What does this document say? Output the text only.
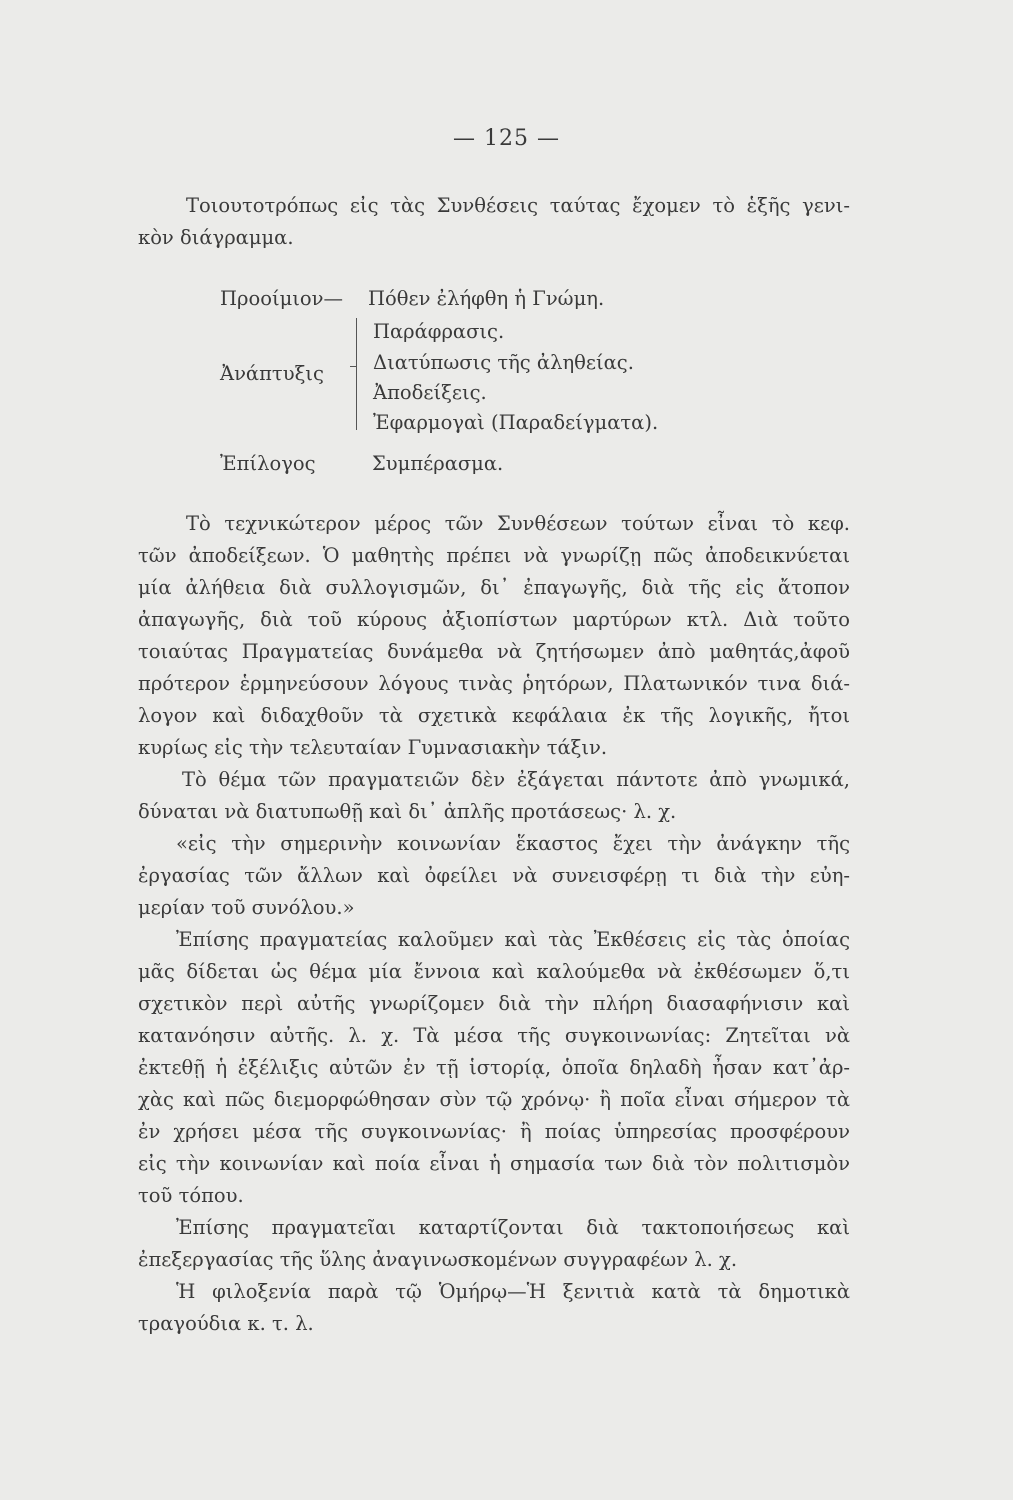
— 125 —
Τοιουτοτρόπως εἰς τὰς Συνθέσεις ταύτας ἔχομεν τὸ ἑξῆς γενι-
κὸν διάγραμμα.
Προοίμιον— Πόθεν ἐλήφθη ἡ Γνώμη.
Παράφρασις.
Διατύπωσις τῆς ἀληθείας.
Ἀνάπτυξις
Ἀποδείξεις.
Ἐφαρμογαὶ (Παραδείγματα).
Ἐπίλογος	Συμπέρασμα.
Τὸ τεχνικώτερον μέρος τῶν Συνθέσεων τούτων εἶναι τὸ κεφ.
τῶν ἀποδείξεων. Ὁ μαθητὴς πρέπει νὰ γνωρίζῃ πῶς ἀποδεικνύεται
μία ἀλήθεια διὰ συλλογισμῶν, δι᾿ ἐπαγωγῆς, διὰ τῆς εἰς ἄτοπον
ἀπαγωγῆς, διὰ τοῦ κύρους ἀξιοπίστων μαρτύρων κτλ. Διὰ τοῦτο
τοιαύτας Πραγματείας δυνάμεθα νὰ ζητήσωμεν ἀπὸ μαθητάς,ἀφοῦ
πρότερον ἑρμηνεύσουν λόγους τινὰς ῥητόρων, Πλατωνικόν τινα διά-
λογον καὶ διδαχθοῦν τὰ σχετικὰ κεφάλαια ἐκ τῆς λογικῆς, ἤτοι
κυρίως εἰς τὴν τελευταίαν Γυμνασιακὴν τάξιν.
Τὸ θέμα τῶν πραγματειῶν δὲν ἐξάγεται πάντοτε ἀπὸ γνωμικά,
δύναται νὰ διατυπωθῇ καὶ δι᾿ ἁπλῆς προτάσεως· λ. χ.
«εἰς τὴν σημερινὴν κοινωνίαν ἕκαστος ἔχει τὴν ἀνάγκην τῆς
ἐργασίας τῶν ἄλλων καὶ ὀφείλει νὰ συνεισφέρῃ τι διὰ τὴν εὐη-
μερίαν τοῦ συνόλου.»
Ἐπίσης πραγματείας καλοῦμεν καὶ τὰς Ἐκθέσεις εἰς τὰς ὁποίας
μᾶς δίδεται ὡς θέμα μία ἔννοια καὶ καλούμεθα νὰ ἐκθέσωμεν ὅ,τι
σχετικὸν περὶ αὐτῆς γνωρίζομεν διὰ τὴν πλήρη διασαφήνισιν καὶ
κατανόησιν αὐτῆς. λ. χ. Τὰ μέσα τῆς συγκοινωνίας: Ζητεῖται νὰ
ἐκτεθῇ ἡ ἐξέλιξις αὐτῶν ἐν τῇ ἱστορίᾳ, ὁποῖα δηλαδὴ ἦσαν κατ᾿ἀρ-
χὰς καὶ πῶς διεμορφώθησαν σὺν τῷ χρόνῳ· ἢ ποῖα εἶναι σήμερον τὰ
ἐν χρήσει μέσα τῆς συγκοινωνίας· ἢ ποίας ὑπηρεσίας προσφέρουν
εἰς τὴν κοινωνίαν καὶ ποία εἶναι ἡ σημασία των διὰ τὸν πολιτισμὸν
τοῦ τόπου.
Ἐπίσης πραγματεῖαι καταρτίζονται διὰ τακτοποιήσεως καὶ
ἐπεξεργασίας τῆς ὕλης ἀναγινωσκομένων συγγραφέων λ. χ.
Ἡ φιλοξενία παρὰ τῷ Ὁμήρῳ—Ἡ ξενιτιὰ κατὰ τὰ δημοτικὰ
τραγούδια κ. τ. λ.
